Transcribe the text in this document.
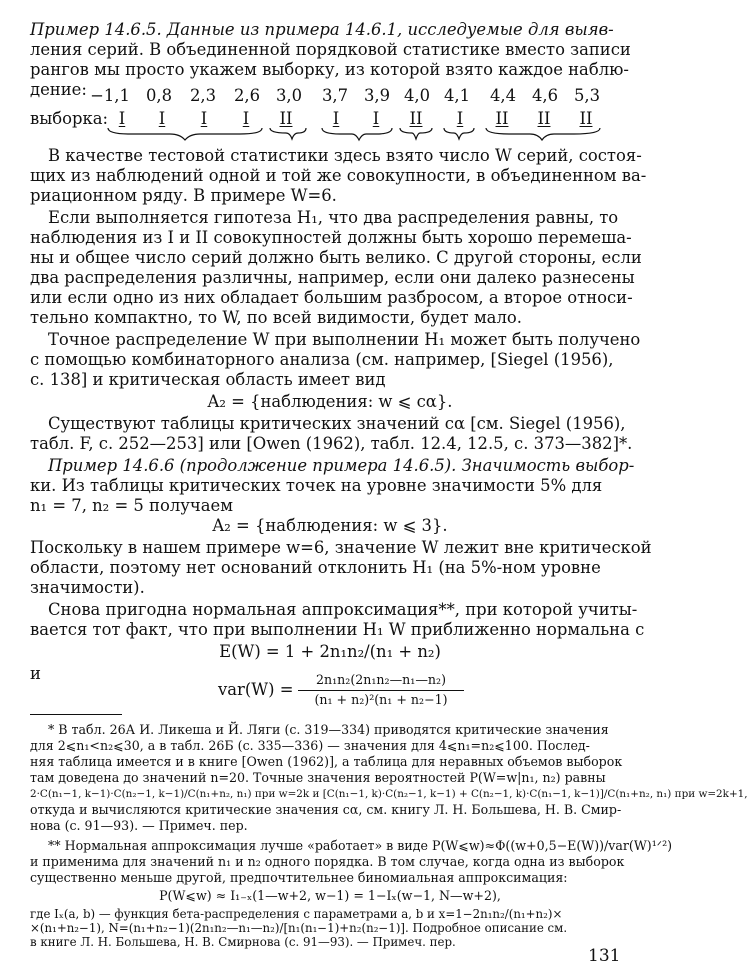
Пример 14.6.5. Данные из примера 14.6.1, исследуемые для выяв-
ления серий. В объединенной порядковой статистике вместо записи
рангов мы просто укажем выборку, из которой взято каждое наблю-
дение: −1,1 0,8	2,3	2,6 3,0	3,7 3,9 4,0 4,1	4,4 4,6 5,3
выборка: I	I	I	I	II	I	I	II	I	II	II	II
В качестве тестовой статистики здесь взято число W серий, состоя-
щих из наблюдений одной и той же совокупности, в объединенном ва-
риационном ряду. В примере W=6.
Если выполняется гипотеза H₁, что два распределения равны, то
наблюдения из I и II совокупностей должны быть хорошо перемеша-
ны и общее число серий должно быть велико. С другой стороны, если
два распределения различны, например, если они далеко разнесены
или если одно из них обладает большим разбросом, а второе относи-
тельно компактно, то W, по всей видимости, будет мало.
Точное распределение W при выполнении H₁ может быть получено
с помощью комбинаторного анализа (см. например, [Siegel (1956),
с. 138] и критическая область имеет вид
A₂ = {наблюдения: w ⩽ cα}.
Существуют таблицы критических значений cα [см. Siegel (1956),
табл. F, с. 252—253] или [Owen (1962), табл. 12.4, 12.5, с. 373—382]*.
Пример 14.6.6 (продолжение примера 14.6.5). Значимость выбор-
ки. Из таблицы критических точек на уровне значимости 5% для
n₁ = 7, n₂ = 5 получаем
A₂ = {наблюдения: w ⩽ 3}.
Поскольку в нашем примере w=6, значение W лежит вне критической
области, поэтому нет оснований отклонить H₁ (на 5%-ном уровне
значимости).
Снова пригодна нормальная аппроксимация**, при которой учиты-
вается тот факт, что при выполнении H₁ W приближенно нормальна с
E(W) = 1 + 2n₁n₂/(n₁ + n₂)
и
var(W) =
2n₁n₂(2n₁n₂—n₁—n₂)
(n₁ + n₂)²(n₁ + n₂−1)
* В табл. 26А И. Ликеша и Й. Ляги (с. 319—334) приводятся критические значения
для 2⩽n₁<n₂⩽30, а в табл. 26Б (с. 335—336) — значения для 4⩽n₁=n₂⩽100. Послед-
няя таблица имеется и в книге [Owen (1962)], а таблица для неравных объемов выборок
там доведена до значений n=20. Точные значения вероятностей P(W=w|n₁, n₂) равны
2·C(n₁−1, k−1)·C(n₂−1, k−1)/C(n₁+n₂, n₁) при w=2k и [C(n₁−1, k)·C(n₂−1, k−1) + C(n₂−1, k)·C(n₁−1, k−1)]/C(n₁+n₂, n₁) при w=2k+1,
откуда и вычисляются критические значения cα, см. книгу Л. Н. Большева, Н. В. Смир-
нова (с. 91—93). — Примеч. пер.
** Нормальная аппроксимация лучше «работает» в виде P(W⩽w)≈Φ((w+0,5−E(W))/var(W)¹ᐟ²)
и применима для значений n₁ и n₂ одного порядка. В том случае, когда одна из выборок
существенно меньше другой, предпочтительнее биномиальная аппроксимация:
P(W⩽w) ≈ I₁₋ₓ(1—w+2, w−1) = 1−Iₓ(w−1, N—w+2),
где Iₓ(a, b) — функция бета-распределения с параметрами a, b и x=1−2n₁n₂/(n₁+n₂)×
×(n₁+n₂−1), N=(n₁+n₂−1)(2n₁n₂—n₁—n₂)/[n₁(n₁−1)+n₂(n₂−1)]. Подробное описание см.
в книге Л. Н. Большева, Н. В. Смирнова (с. 91—93). — Примеч. пер.
131
